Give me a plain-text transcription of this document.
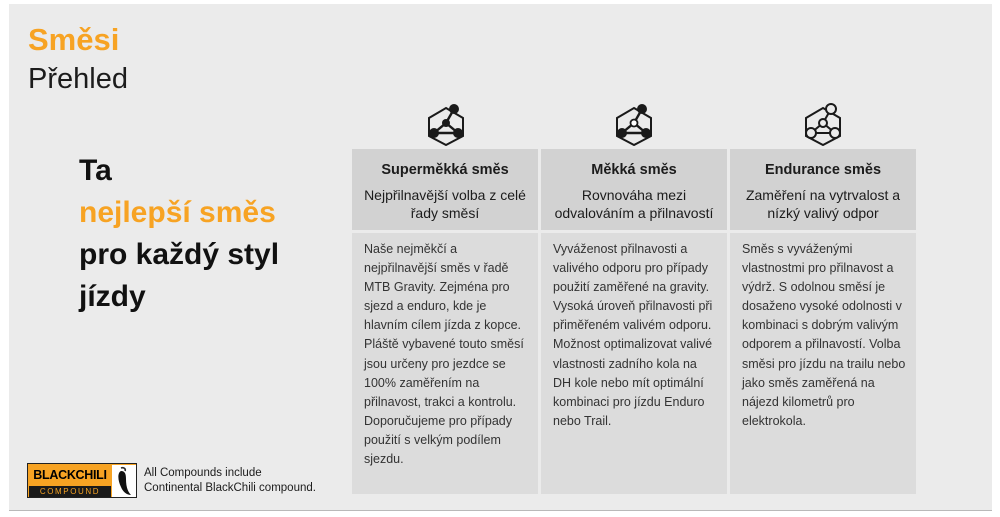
Směsi
Přehled
Ta
nejlepší směs
pro každý styl
jízdy
Superměkká směs
Nejpřilnavější volba z celé řady směsí
Naše nejměkčí a nejpřilnavější směs v řadě MTB Gravity. Zejména pro sjezd a enduro, kde je hlavním cílem jízda z kopce. Pláště vybavené touto směsí jsou určeny pro jezdce se 100% zaměřením na přilnavost, trakci a kontrolu. Doporučujeme pro případy použití s velkým podílem sjezdu.
Měkká směs
Rovnováha mezi odvalováním a přilnavostí
Vyváženost přilnavosti a valivého odporu pro případy použití zaměřené na gravity. Vysoká úroveň přilnavosti při přiměřeném valivém odporu. Možnost optimalizovat valivé vlastnosti zadního kola na DH kole nebo mít optimální kombinaci pro jízdu Enduro nebo Trail.
Endurance směs
Zaměření na vytrvalost a nízký valivý odpor
Směs s vyváženými vlastnostmi pro přilnavost a výdrž. S odolnou směsí je dosaženo vysoké odolnosti v kombinaci s dobrým valivým odporem a přilnavostí. Volba směsi pro jízdu na trailu nebo jako směs zaměřená na nájezd kilometrů pro elektrokola.
BLACKCHILI
COMPOUND
All Compounds include
Continental BlackChili compound.
